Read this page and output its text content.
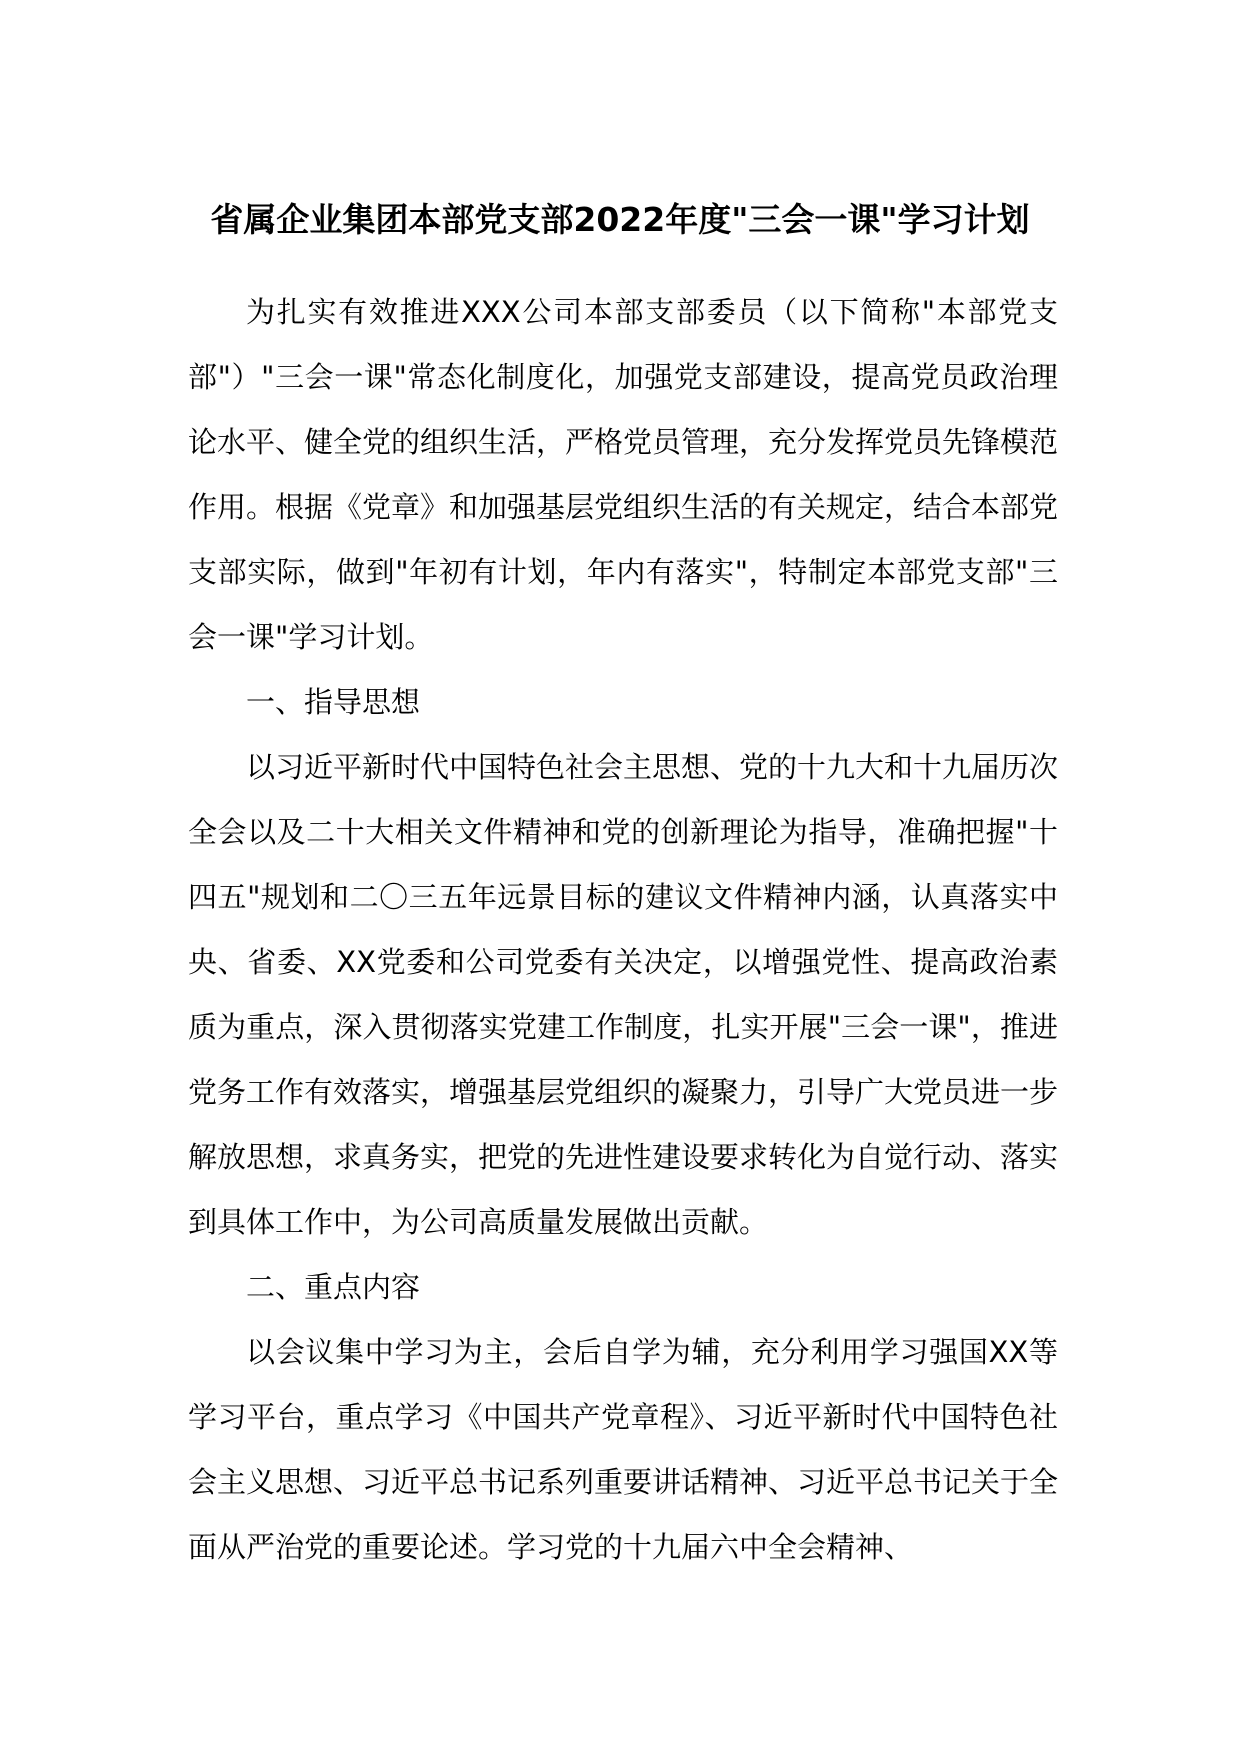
省属企业集团本部党支部2022年度"三会一课"学习计划

为扎实有效推进XXX公司本部支部委员（以下简称"本部党支部"）"三会一课"常态化制度化，加强党支部建设，提高党员政治理论水平、健全党的组织生活，严格党员管理，充分发挥党员先锋模范作用。根据《党章》和加强基层党组织生活的有关规定，结合本部党支部实际，做到"年初有计划，年内有落实"，特制定本部党支部"三会一课"学习计划。

一、指导思想

以习近平新时代中国特色社会主思想、党的十九大和十九届历次全会以及二十大相关文件精神和党的创新理论为指导，准确把握"十四五"规划和二〇三五年远景目标的建议文件精神内涵，认真落实中央、省委、XX党委和公司党委有关决定，以增强党性、提高政治素质为重点，深入贯彻落实党建工作制度，扎实开展"三会一课"，推进党务工作有效落实，增强基层党组织的凝聚力，引导广大党员进一步解放思想，求真务实，把党的先进性建设要求转化为自觉行动、落实到具体工作中，为公司高质量发展做出贡献。

二、重点内容

以会议集中学习为主，会后自学为辅，充分利用学习强国XX等学习平台，重点学习《中国共产党章程》、习近平新时代中国特色社会主义思想、习近平总书记系列重要讲话精神、习近平总书记关于全面从严治党的重要论述。学习党的十九届六中全会精神、
